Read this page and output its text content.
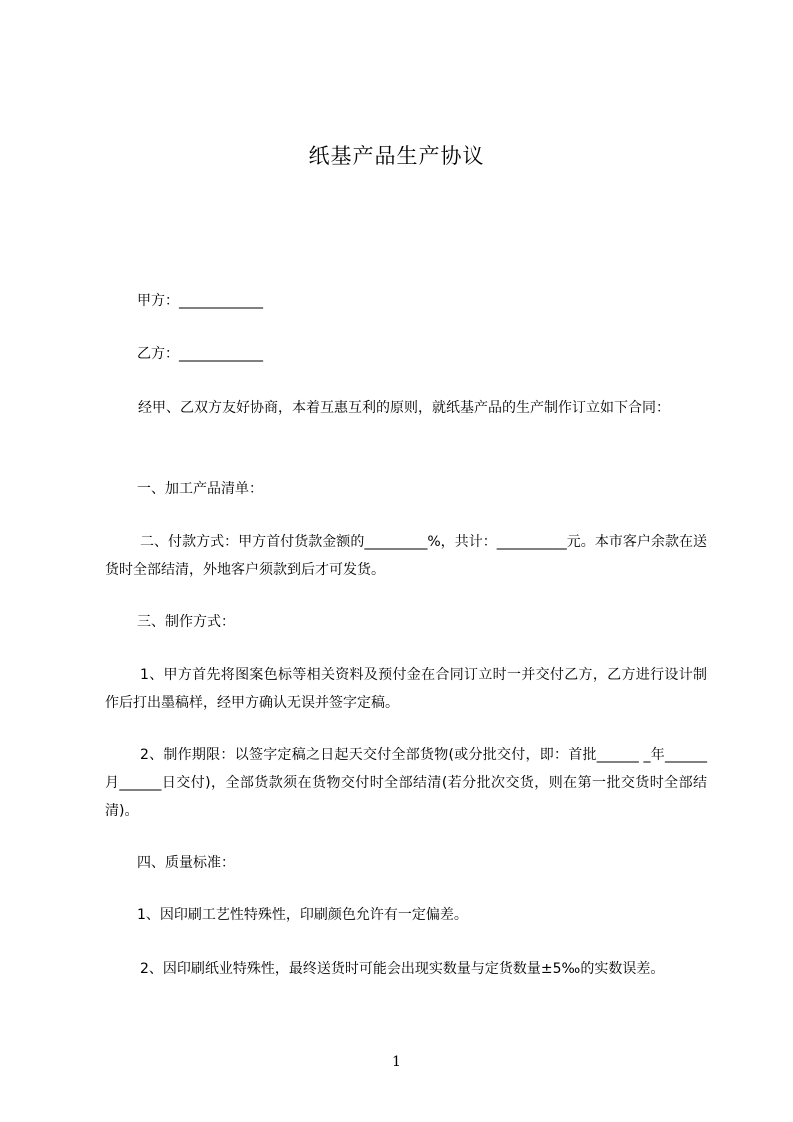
纸基产品生产协议
甲方：____________
乙方：____________
经甲、乙双方友好协商，本着互惠互利的原则，就纸基产品的生产制作订立如下合同：
一、加工产品清单：
二、付款方式：甲方首付货款金额的_________%，共计：__________元。本市客户余款在送货时全部结清，外地客户须款到后才可发货。
三、制作方式：
1、甲方首先将图案色标等相关资料及预付金在合同订立时一并交付乙方，乙方进行设计制作后打出墨稿样，经甲方确认无误并签字定稿。
2、制作期限：以签字定稿之日起天交付全部货物(或分批交付，即：首批______ _年______月______日交付)，全部货款须在货物交付时全部结清(若分批次交货，则在第一批交货时全部结清)。
四、质量标准：
1、因印刷工艺性特殊性，印刷颜色允许有一定偏差。
2、因印刷纸业特殊性，最终送货时可能会出现实数量与定货数量±5‰的实数误差。
1
